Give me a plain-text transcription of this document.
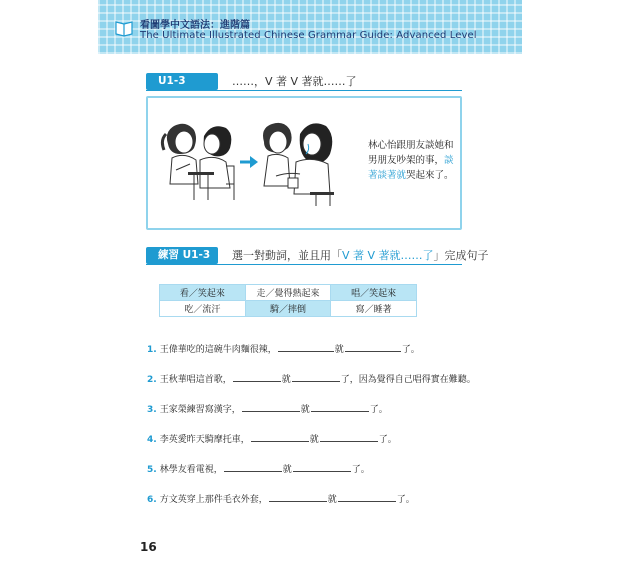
看圖學中文語法：進階篇
The Ultimate Illustrated Chinese Grammar Guide: Advanced Level
U1-3	……，V 著 V 著就……了
林心怡跟朋友談她和男朋友吵架的事，談著談著就哭起來了。
練習 U1-3	選一對動詞，並且用「V 著 V 著就……了」完成句子
看／笑起來	走／覺得熱起來	唱／笑起來
吃／流汗	騎／摔倒	寫／睡著
1. 王偉華吃的這碗牛肉麵很辣，	就	了。
2. 王秋華唱這首歌，	就	了，因為覺得自己唱得實在難聽。
3. 王家榮練習寫漢字，	就	了。
4. 李英愛昨天騎摩托車，	就	了。
5. 林學友看電視，	就	了。
6. 方文英穿上那件毛衣外套，	就	了。
16
